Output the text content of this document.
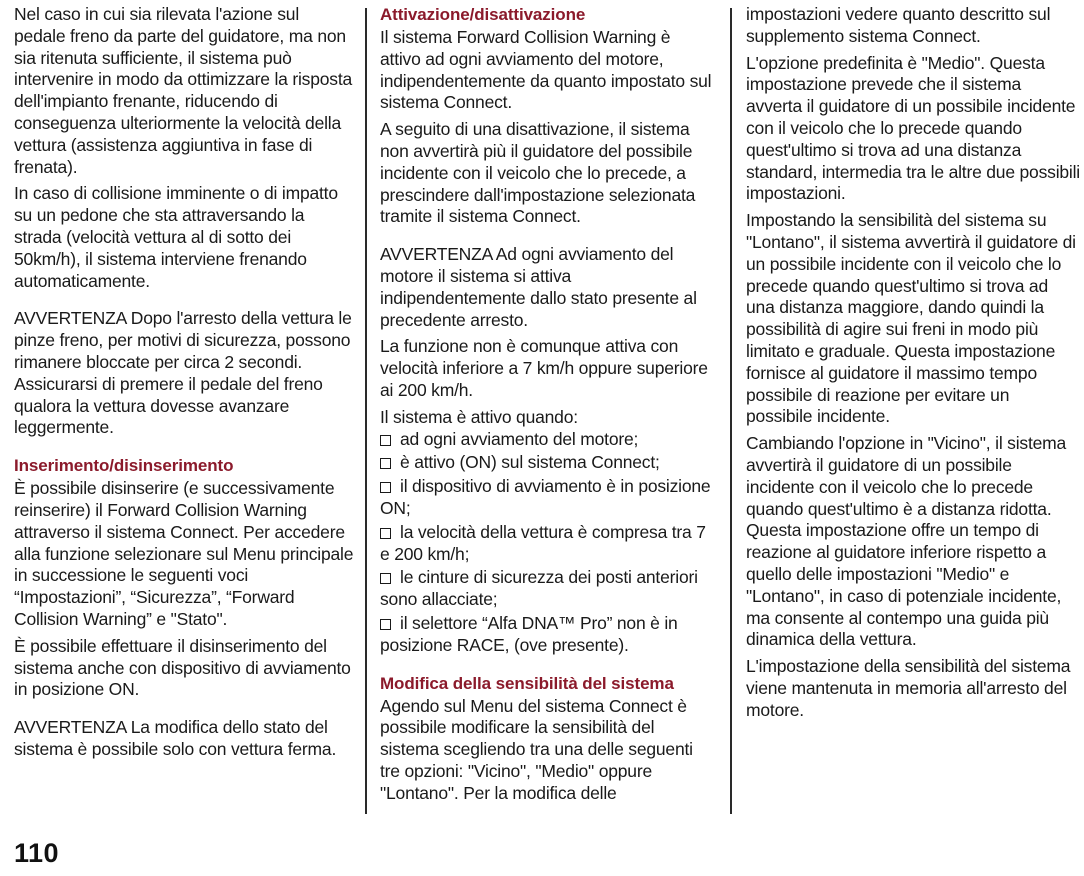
Nel caso in cui sia rilevata l'azione sul pedale freno da parte del guidatore, ma non sia ritenuta sufficiente, il sistema può intervenire in modo da ottimizzare la risposta dell'impianto frenante, riducendo di conseguenza ulteriormente la velocità della vettura (assistenza aggiuntiva in fase di frenata).

In caso di collisione imminente o di impatto su un pedone che sta attraversando la strada (velocità vettura al di sotto dei 50km/h), il sistema interviene frenando automaticamente.

AVVERTENZA Dopo l'arresto della vettura le pinze freno, per motivi di sicurezza, possono rimanere bloccate per circa 2 secondi. Assicurarsi di premere il pedale del freno qualora la vettura dovesse avanzare leggermente.

Inserimento/disinserimento

È possibile disinserire (e successivamente reinserire) il Forward Collision Warning attraverso il sistema Connect. Per accedere alla funzione selezionare sul Menu principale in successione le seguenti voci “Impostazioni”, “Sicurezza”, “Forward Collision Warning” e "Stato".

È possibile effettuare il disinserimento del sistema anche con dispositivo di avviamento in posizione ON.

AVVERTENZA La modifica dello stato del sistema è possibile solo con vettura ferma.

Attivazione/disattivazione

Il sistema Forward Collision Warning è attivo ad ogni avviamento del motore, indipendentemente da quanto impostato sul sistema Connect.

A seguito di una disattivazione, il sistema non avvertirà più il guidatore del possibile incidente con il veicolo che lo precede, a prescindere dall'impostazione selezionata tramite il sistema Connect.

AVVERTENZA Ad ogni avviamento del motore il sistema si attiva indipendentemente dallo stato presente al precedente arresto.

La funzione non è comunque attiva con velocità inferiore a 7 km/h oppure superiore ai 200 km/h.

Il sistema è attivo quando:

ad ogni avviamento del motore;
è attivo (ON) sul sistema Connect;
il dispositivo di avviamento è in posizione ON;
la velocità della vettura è compresa tra 7 e 200 km/h;
le cinture di sicurezza dei posti anteriori sono allacciate;
il selettore “Alfa DNA™ Pro” non è in posizione RACE, (ove presente).
Modifica della sensibilità del sistema

Agendo sul Menu del sistema Connect è possibile modificare la sensibilità del sistema scegliendo tra una delle seguenti tre opzioni: "Vicino", "Medio" oppure "Lontano". Per la modifica delle

impostazioni vedere quanto descritto sul supplemento sistema Connect.

L'opzione predefinita è "Medio". Questa impostazione prevede che il sistema avverta il guidatore di un possibile incidente con il veicolo che lo precede quando quest'ultimo si trova ad una distanza standard, intermedia tra le altre due possibili impostazioni.

Impostando la sensibilità del sistema su "Lontano", il sistema avvertirà il guidatore di un possibile incidente con il veicolo che lo precede quando quest'ultimo si trova ad una distanza maggiore, dando quindi la possibilità di agire sui freni in modo più limitato e graduale. Questa impostazione fornisce al guidatore il massimo tempo possibile di reazione per evitare un possibile incidente.

Cambiando l'opzione in "Vicino", il sistema avvertirà il guidatore di un possibile incidente con il veicolo che lo precede quando quest'ultimo è a distanza ridotta. Questa impostazione offre un tempo di reazione al guidatore inferiore rispetto a quello delle impostazioni "Medio" e "Lontano", in caso di potenziale incidente, ma consente al contempo una guida più dinamica della vettura.

L'impostazione della sensibilità del sistema viene mantenuta in memoria all'arresto del motore.

110
